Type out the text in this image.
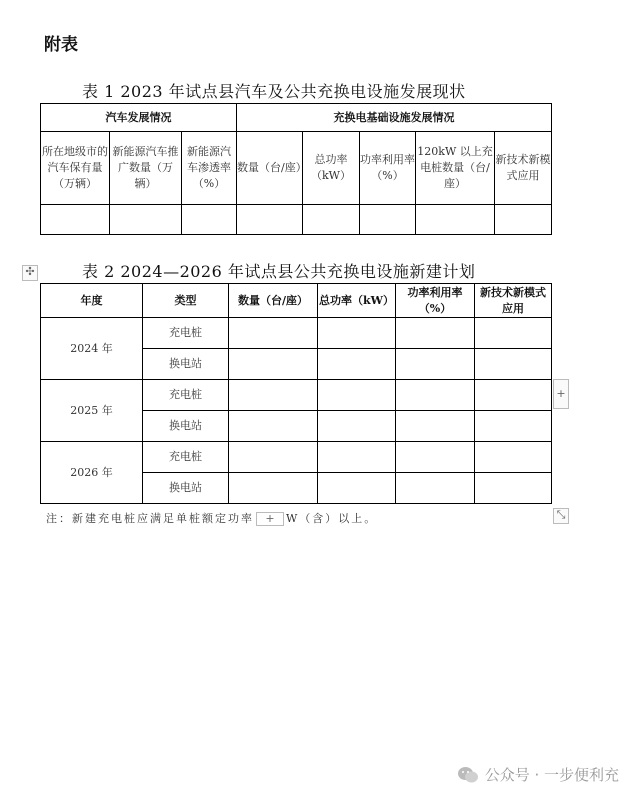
附表
表 1 2023 年试点县汽车及公共充换电设施发展现状
汽车发展情况			充换电基础设施发展情况				
所在地级市的汽车保有量（万辆）	新能源汽车推广数量（万辆）	新能源汽车渗透率（%）	数量（台/座）	总功率（kW）	功率利用率（%）	120kW 以上充电桩数量（台/座）	新技术新模式应用

✣	表 2 2024—2026 年试点县公共充换电设施新建计划
年度	类型	数量（台/座）	总功率（kW）	功率利用率（%）	新技术新模式应用
2024 年	充电桩				
	换电站				
2025 年	充电桩				
	换电站				
2026 年	充电桩				
	换电站				
+
⤡
注：新建充电桩应满足单桩额定功率 + W（含）以上。
公众号 · 一步便利充
